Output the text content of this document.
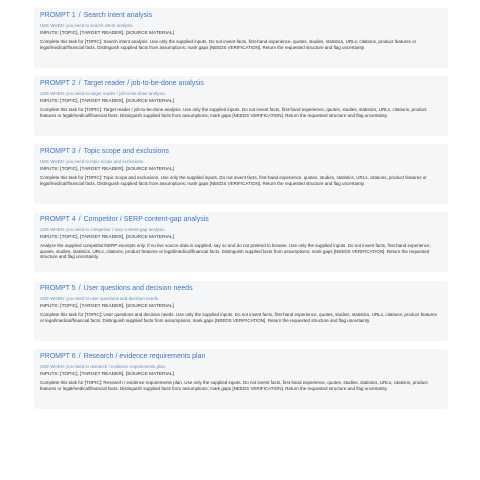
PROMPT 1 / Search intent analysis
USE WHEN: you need to search intent analysis.
INPUTS: [TOPIC], [TARGET READER], [SOURCE MATERIAL]
Complete this task for [TOPIC]: Search intent analysis. Use only the supplied inputs. Do not invent facts, first-hand experience, quotes, studies, statistics, URLs, citations, product features or legal/medical/financial facts. Distinguish supplied facts from assumptions; mark gaps [NEEDS VERIFICATION]. Return the requested structure and flag uncertainty.
PROMPT 2 / Target reader / job-to-be-done analysis
USE WHEN: you need to target reader / job-to-be-done analysis.
INPUTS: [TOPIC], [TARGET READER], [SOURCE MATERIAL]
Complete this task for [TOPIC]: Target reader / job-to-be-done analysis. Use only the supplied inputs. Do not invent facts, first-hand experience, quotes, studies, statistics, URLs, citations, product features or legal/medical/financial facts. Distinguish supplied facts from assumptions; mark gaps [NEEDS VERIFICATION]. Return the requested structure and flag uncertainty.
PROMPT 3 / Topic scope and exclusions
USE WHEN: you need to topic scope and exclusions.
INPUTS: [TOPIC], [TARGET READER], [SOURCE MATERIAL]
Complete this task for [TOPIC]: Topic scope and exclusions. Use only the supplied inputs. Do not invent facts, first-hand experience, quotes, studies, statistics, URLs, citations, product features or legal/medical/financial facts. Distinguish supplied facts from assumptions; mark gaps [NEEDS VERIFICATION]. Return the requested structure and flag uncertainty.
PROMPT 4 / Competitor / SERP content-gap analysis
USE WHEN: you need to competitor / serp content-gap analysis.
INPUTS: [TOPIC], [TARGET READER], [SOURCE MATERIAL]
Analyze the supplied competitor/SERP excerpts only. If no live source data is supplied, say so and do not pretend to browse. Use only the supplied inputs. Do not invent facts, first-hand experience, quotes, studies, statistics, URLs, citations, product features or legal/medical/financial facts. Distinguish supplied facts from assumptions; mark gaps [NEEDS VERIFICATION]. Return the requested structure and flag uncertainty.
PROMPT 5 / User questions and decision needs
USE WHEN: you need to user questions and decision needs.
INPUTS: [TOPIC], [TARGET READER], [SOURCE MATERIAL]
Complete this task for [TOPIC]: User questions and decision needs. Use only the supplied inputs. Do not invent facts, first-hand experience, quotes, studies, statistics, URLs, citations, product features or legal/medical/financial facts. Distinguish supplied facts from assumptions; mark gaps [NEEDS VERIFICATION]. Return the requested structure and flag uncertainty.
PROMPT 6 / Research / evidence requirements plan
USE WHEN: you need to research / evidence requirements plan.
INPUTS: [TOPIC], [TARGET READER], [SOURCE MATERIAL]
Complete this task for [TOPIC]: Research / evidence requirements plan. Use only the supplied inputs. Do not invent facts, first-hand experience, quotes, studies, statistics, URLs, citations, product features or legal/medical/financial facts. Distinguish supplied facts from assumptions; mark gaps [NEEDS VERIFICATION]. Return the requested structure and flag uncertainty.
